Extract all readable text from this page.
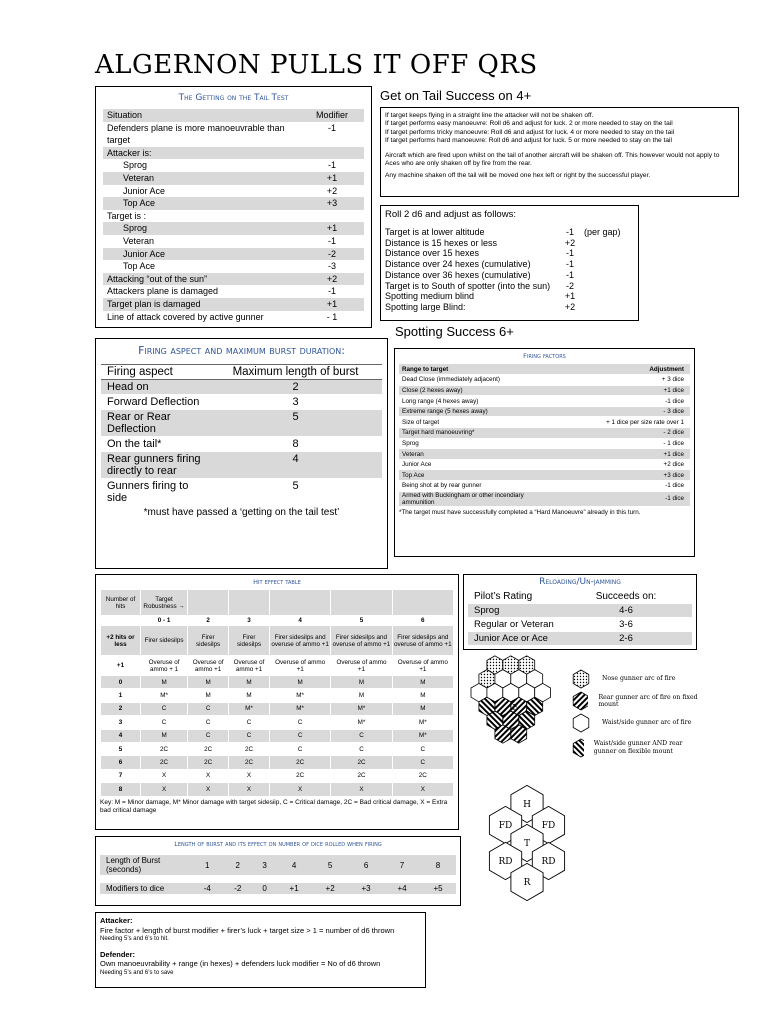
ALGERNON PULLS IT OFF QRS
The Getting on the Tail Test
Situation	Modifier
Defenders plane is more manoeuvrable than	-1
target	
Attacker is:	
Sprog	-1
Veteran	+1
Junior Ace	+2
Top Ace	+3
Target is :	
Sprog	+1
Veteran	-1
Junior Ace	-2
Top Ace	-3
Attacking “out of the sun”	+2
Attackers plane is damaged	-1
Target plan is damaged	+1
Line of attack covered by active gunner	- 1
Get on Tail Success on 4+
If target keeps flying in a straight line the attacker will not be shaken off.
If target performs easy manoeuvre: Roll d6 and adjust for luck. 2 or more needed to stay on the tail
If target performs tricky manoeuvre: Roll d6 and adjust for luck. 4 or more needed to stay on the tail
If target performs hard manoeuvre: Roll d6 and adjust for luck. 5 or more needed to stay on the tail
Aircraft which are fired upon whilst on the tail of another aircraft will be shaken off. This however would not apply to Aces who are only shaken off by fire from the rear.
Any machine shaken off the tail will be moved one hex left or right by the successful player.
Roll 2 d6 and adjust as follows:
Target is at lower altitude	-1	(per gap)
Distance is 15 hexes or less	+2	
Distance over 15 hexes	-1	
Distance over 24 hexes (cumulative)	-1	
Distance over 36 hexes (cumulative)	-1	
Target is to South of spotter (into the sun)	-2	
Spotting medium blind	+1	
Spotting large Blind:	+2	
Spotting Success 6+
Firing aspect and maximum burst duration:
Firing aspect	Maximum length of burst
Head on	2
Forward Deflection	3
Rear or Rear Deflection	5
On the tail*	8
Rear gunners firing directly to rear	4
Gunners firing to side	5
*must have passed a ‘getting on the tail test’
Firing factors
Range to target	Adjustment
Dead Close (immediately adjacent)	+ 3 dice
Close (2 hexes away)	+1 dice
Long range (4 hexes away)	-1 dice
Extreme range (5 hexes away)	- 3 dice
Size of target	+ 1 dice per size rate over 1
Target hard manoeuvring*	- 2 dice
Sprog	- 1 dice
Veteran	+1 dice
Junior Ace	+2 dice
Top Ace	+3 dice
Being shot at by rear gunner	-1 dice
Armed with Buckingham or other incendiary ammunition	-1 dice
*The target must have successfully completed a “Hard Manoeuvre” already in this turn.
Hit effect table
Number of hits	Target Robustness →					
	0 - 1	2	3	4	5	6
+2 hits or less	Firer sidesilps	Firer sidesilps	Firer sidesilps	Firer sidesilps and overuse of ammo +1	Firer sidesilps and overuse of ammo +1	Firer sidesilps and overuse of ammo +1
+1	Overuse of ammo + 1	Overuse of ammo +1	Overuse of ammo +1	Overuse of ammo +1	Overuse of ammo +1	Overuse of ammo +1
0	M	M	M	M	M	M
1	M*	M	M	M*	M	M
2	C	C	M*	M*	M*	M
3	C	C	C	C	M*	M*
4	M	C	C	C	C	M*
5	2C	2C	2C	C	C	C
6	2C	2C	2C	2C	2C	C
7	X	X	X	2C	2C	2C
8	X	X	X	X	X	X
Key: M = Minor damage, M* Minor damage with target sidesiip, C = Critical damage, 2C = Bad critical damage, X = Extra bad critical damage
Reloading/Un-jamming
Pilot’s Rating	Succeeds on:
Sprog	4-6
Regular or Veteran	3-6
Junior Ace or Ace	2-6
F
Nose gunner arc of fire
Rear gunner arc of fire on fixed mount
Waist/side gunner arc of fire
Waist/side gunner AND rear gunner on flexible mount
H
FD	FD
T
RD	RD
R
Length of burst and its effect on number of dice rolled when firing
Length of Burst (seconds)	1	2	3	4	5	6	7	8

Modifiers to dice	-4	-2	0	+1	+2	+3	+4	+5
Attacker:
Fire factor + length of burst modifier + firer’s luck + target size > 1 = number of d6 thrown
Needing 5’s and 6’s to hit.
Defender:
Own manoeuvrability + range (in hexes) + defenders luck modifier = No of d6 thrown
Needing 5’s and 6’s to save
